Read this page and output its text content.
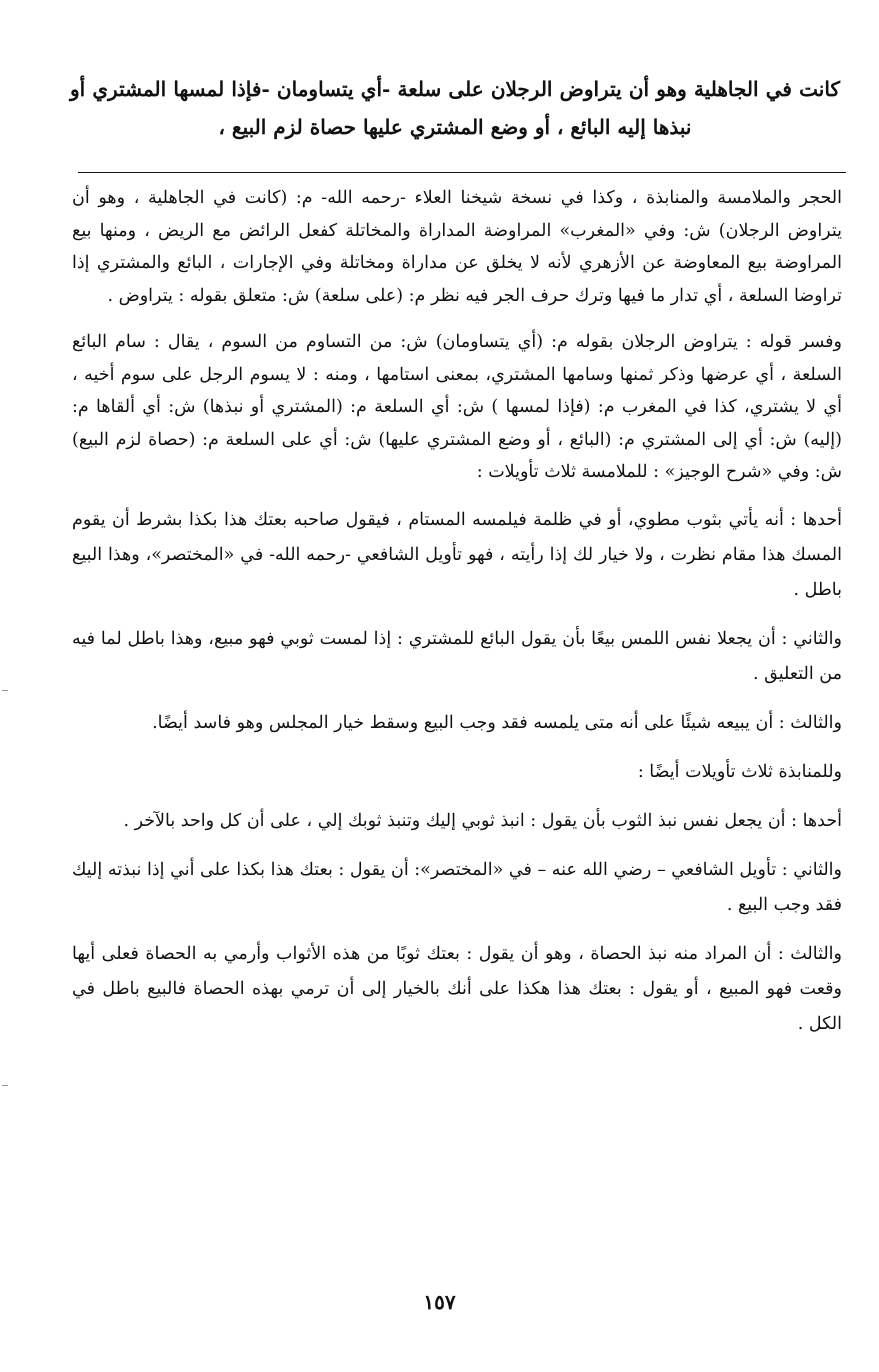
كانت في الجاهلية وهو أن يتراوض الرجلان على سلعة -أي يتساومان -فإذا لمسها المشتري أو نبذها إليه البائع ، أو وضع المشتري عليها حصاة لزم البيع ،

الحجر والملامسة والمنابذة ، وكذا في نسخة شيخنا العلاء -رحمه الله- م: (كانت في الجاهلية ، وهو أن يتراوض الرجلان) ش: وفي «المغرب» المراوضة المداراة والمخاتلة كفعل الرائض مع الريض ، ومنها بيع المراوضة بيع المعاوضة عن الأزهري لأنه لا يخلق عن مداراة ومخاتلة وفي الإجارات ، البائع والمشتري إذا تراوضا السلعة ، أي تدار ما فيها وترك حرف الجر فيه نظر م: (على سلعة) ش: متعلق بقوله : يتراوض .

وفسر قوله : يتراوض الرجلان بقوله م: (أي يتساومان) ش: من التساوم من السوم ، يقال : سام البائع السلعة ، أي عرضها وذكر ثمنها وسامها المشتري، بمعنى استامها ، ومنه : لا يسوم الرجل على سوم أخيه ، أي لا يشتري، كذا في المغرب م: (فإذا لمسها ) ش: أي السلعة م: (المشتري أو نبذها) ش: أي ألقاها م: (إليه) ش: أي إلى المشتري م: (البائع ، أو وضع المشتري عليها) ش: أي على السلعة م: (حصاة لزم البيع) ش: وفي «شرح الوجيز» : للملامسة ثلاث تأويلات :

أحدها : أنه يأتي بثوب مطوي، أو في ظلمة فيلمسه المستام ، فيقول صاحبه بعتك هذا بكذا بشرط أن يقوم المسك هذا مقام نظرت ، ولا خيار لك إذا رأيته ، فهو تأويل الشافعي -رحمه الله- في «المختصر»، وهذا البيع باطل .

والثاني : أن يجعلا نفس اللمس بيعًا بأن يقول البائع للمشتري : إذا لمست ثوبي فهو مبيع، وهذا باطل لما فيه من التعليق .

والثالث : أن يبيعه شيئًا على أنه متى يلمسه فقد وجب البيع وسقط خيار المجلس وهو فاسد أيضًا.

وللمنابذة ثلاث تأويلات أيضًا :

أحدها : أن يجعل نفس نبذ الثوب بأن يقول : انبذ ثوبي إليك وتنبذ ثوبك إلي ، على أن كل واحد بالآخر .

والثاني : تأويل الشافعي – رضي الله عنه – في «المختصر»: أن يقول : بعتك هذا بكذا على أني إذا نبذته إليك فقد وجب البيع .

والثالث : أن المراد منه نبذ الحصاة ، وهو أن يقول : بعتك ثوبًا من هذه الأثواب وأرمي به الحصاة فعلى أيها وقعت فهو المبيع ، أو يقول : بعتك هذا هكذا على أنك بالخيار إلى أن ترمي بهذه الحصاة فالبيع باطل في الكل .

١٥٧
